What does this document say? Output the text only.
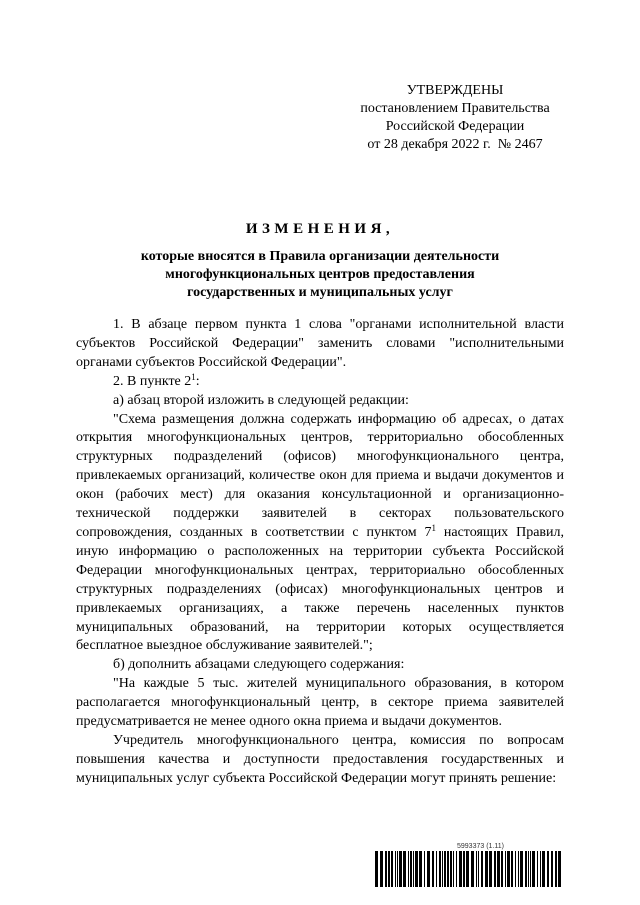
УТВЕРЖДЕНЫ
постановлением Правительства
Российской Федерации
от 28 декабря 2022 г. № 2467
ИЗМЕНЕНИЯ,
которые вносятся в Правила организации деятельности
многофункциональных центров предоставления
государственных и муниципальных услуг

1. В абзаце первом пункта 1 слова "органами исполнительной власти субъектов Российской Федерации" заменить словами "исполнительными органами субъектов Российской Федерации".

2. В пункте $2^1$:

а) абзац второй изложить в следующей редакции:

"Схема размещения должна содержать информацию об адресах, о датах открытия многофункциональных центров, территориально обособленных структурных подразделений (офисов) многофункционального центра, привлекаемых организаций, количестве окон для приема и выдачи документов и окон (рабочих мест) для оказания консультационной и организационно-технической поддержки заявителей в секторах пользовательского сопровождения, созданных в соответствии с пунктом $7^1$ настоящих Правил, иную информацию о расположенных на территории субъекта Российской Федерации многофункциональных центрах, территориально обособленных структурных подразделениях (офисах) многофункциональных центров и привлекаемых организациях, а также перечень населенных пунктов муниципальных образований, на территории которых осуществляется бесплатное выездное обслуживание заявителей.";

б) дополнить абзацами следующего содержания:

"На каждые 5 тыс. жителей муниципального образования, в котором располагается многофункциональный центр, в секторе приема заявителей предусматривается не менее одного окна приема и выдачи документов.

Учредитель многофункционального центра, комиссия по вопросам повышения качества и доступности предоставления государственных и муниципальных услуг субъекта Российской Федерации могут принять решение:

5993373 (1.11)
